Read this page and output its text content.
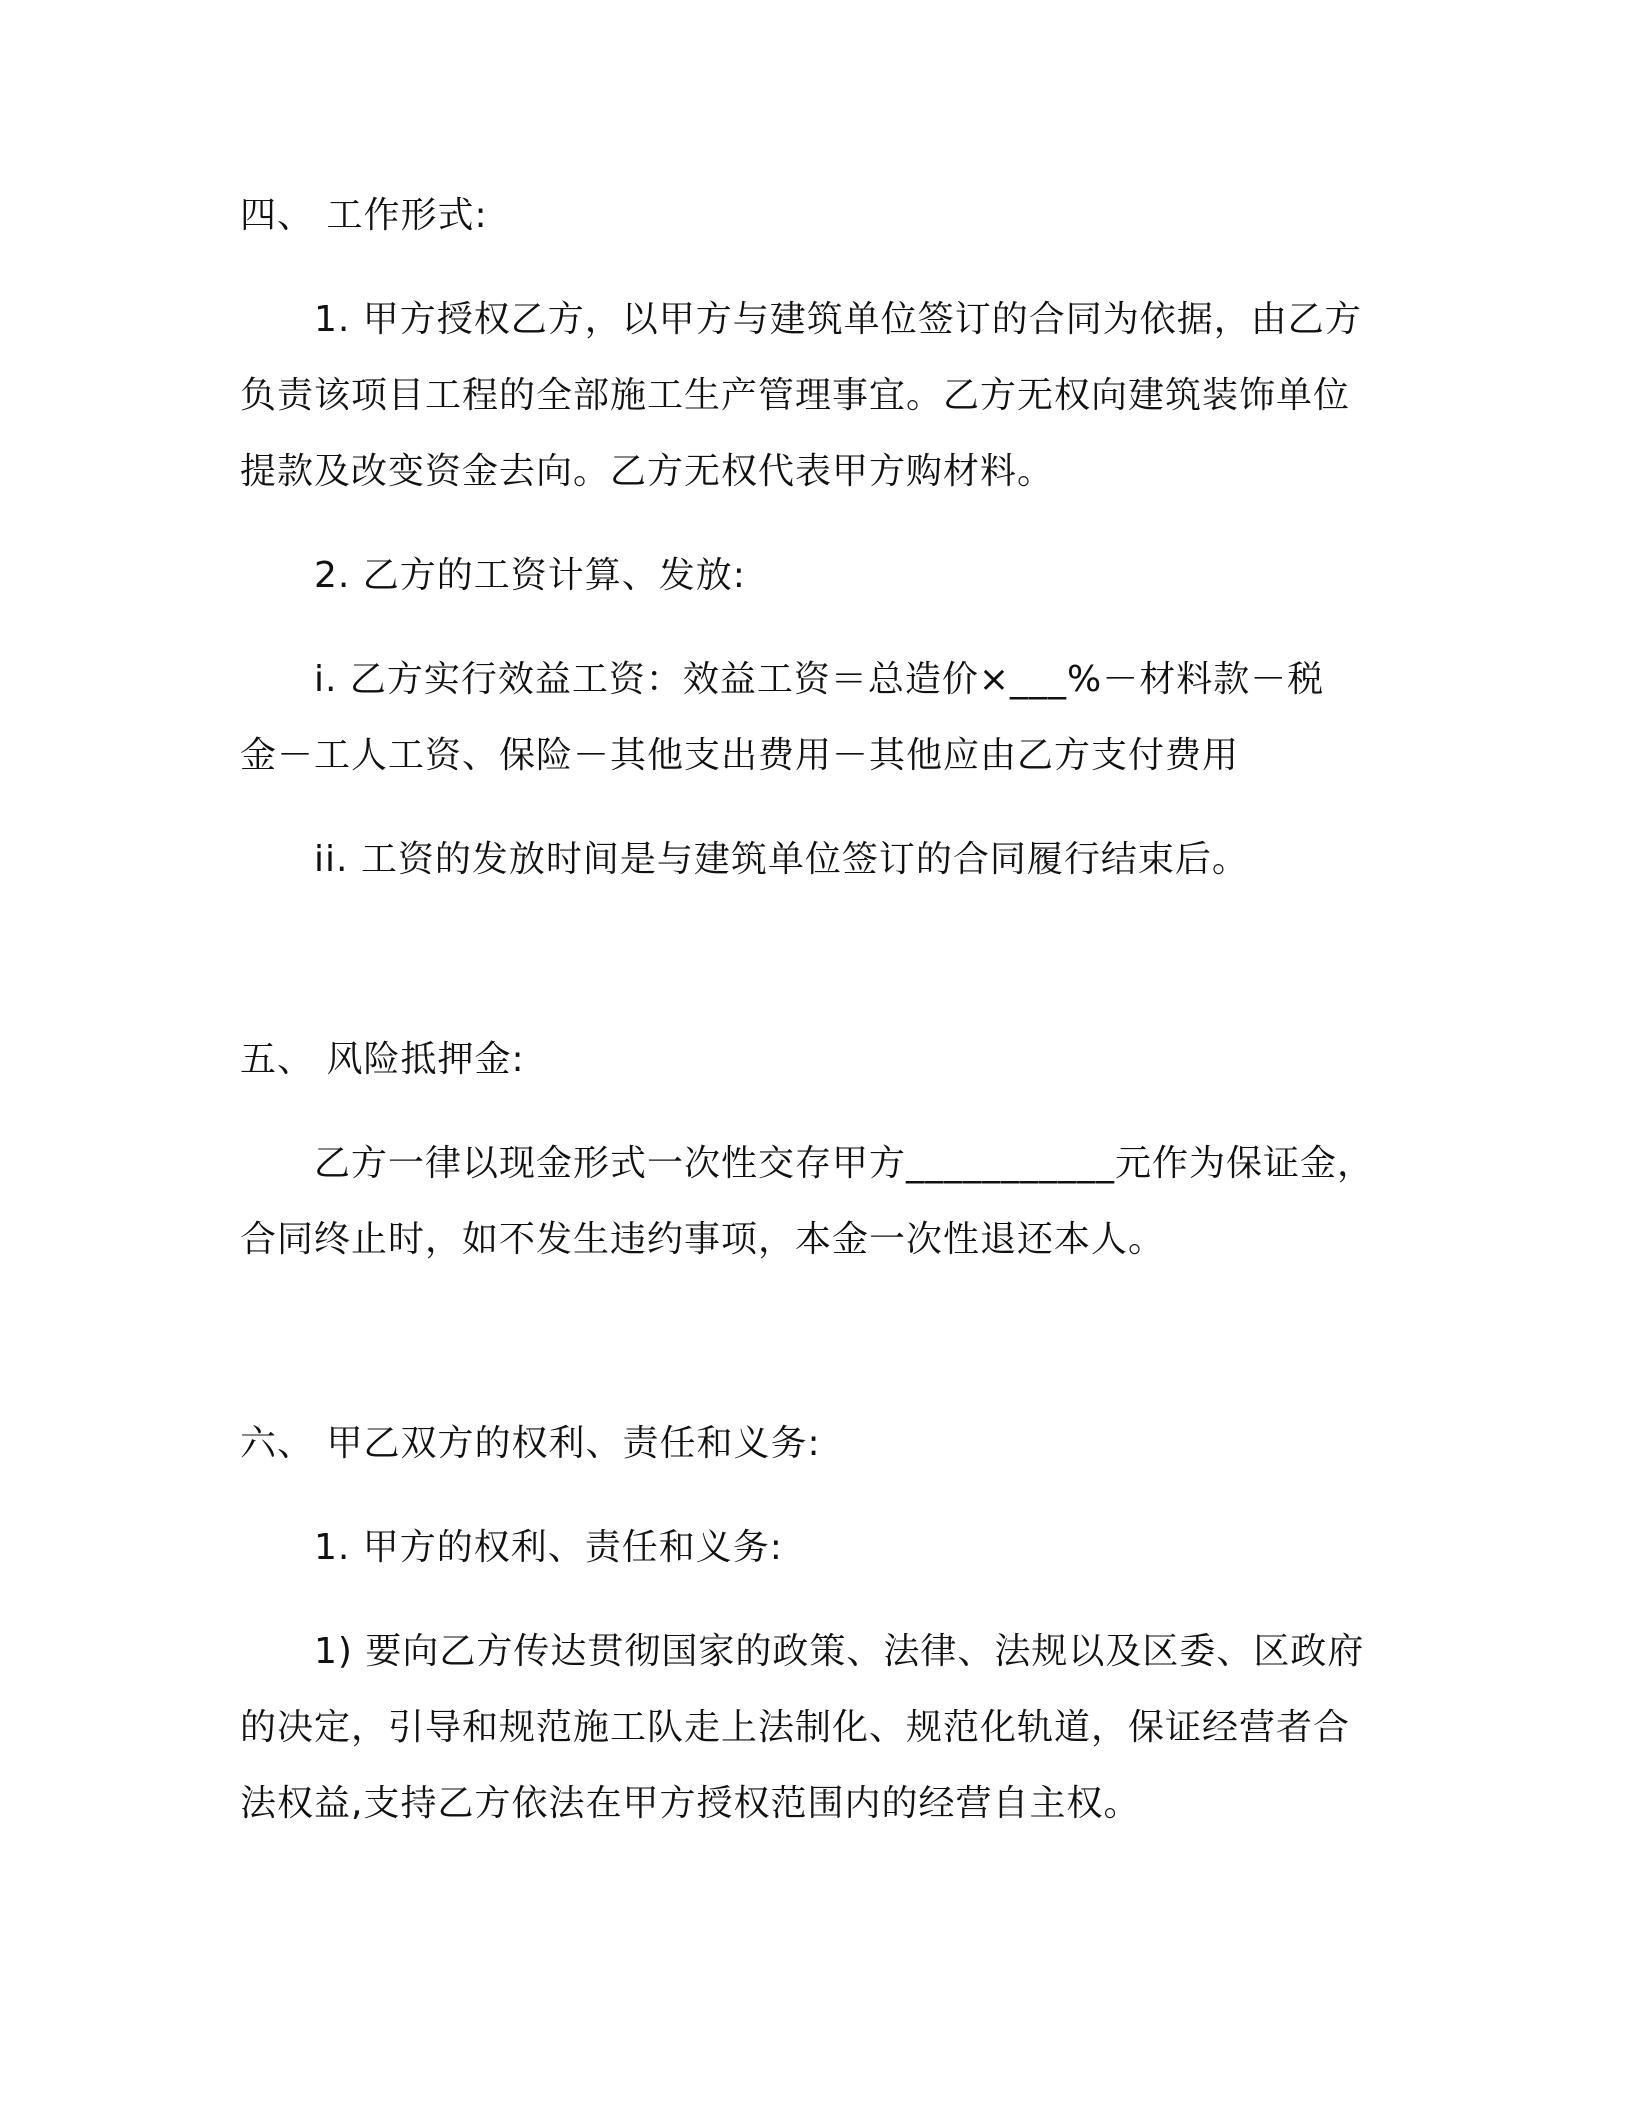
四、 工作形式:

1. 甲方授权乙方，以甲方与建筑单位签订的合同为依据，由乙方

负责该项目工程的全部施工生产管理事宜。乙方无权向建筑装饰单位

提款及改变资金去向。乙方无权代表甲方购材料。

2. 乙方的工资计算、发放:

i. 乙方实行效益工资：效益工资＝总造价×___%－材料款－税

金－工人工资、保险－其他支出费用－其他应由乙方支付费用

ii. 工资的发放时间是与建筑单位签订的合同履行结束后。

五、 风险抵押金:

乙方一律以现金形式一次性交存甲方___________元作为保证金，

合同终止时，如不发生违约事项，本金一次性退还本人。

六、 甲乙双方的权利、责任和义务:

1. 甲方的权利、责任和义务:

1) 要向乙方传达贯彻国家的政策、法律、法规以及区委、区政府

的决定，引导和规范施工队走上法制化、规范化轨道，保证经营者合

法权益,支持乙方依法在甲方授权范围内的经营自主权。
